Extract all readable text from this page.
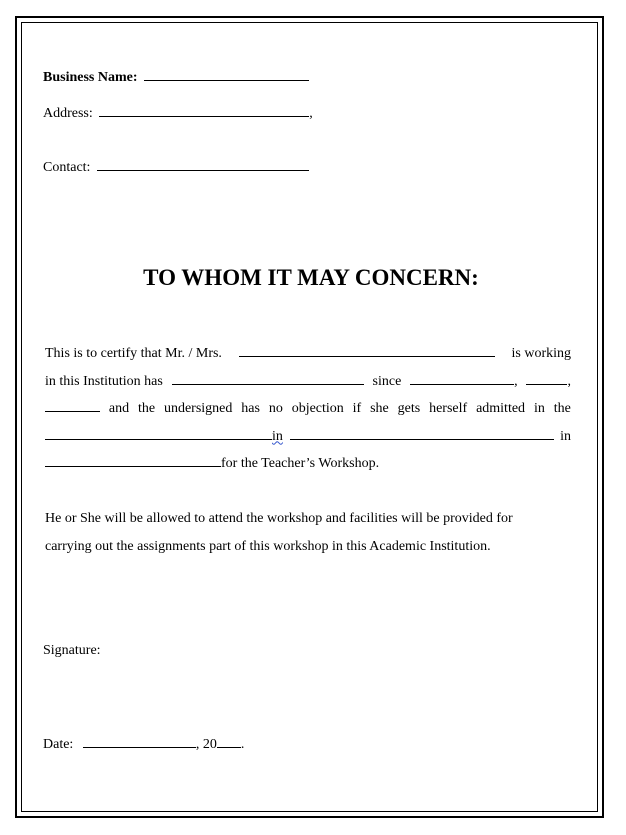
Business Name:
Address:	,
Contact:
TO WHOM IT MAY CONCERN:
This is to certify that Mr. / Mrs.	is working
in this Institution has	since	,	,
and the undersigned has no objection if she gets herself admitted in the
in	in
for the Teacher’s Workshop.
He or She will be allowed to attend the workshop and facilities will be provided for
carrying out the assignments part of this workshop in this Academic Institution.
Signature:
Date:	, 20 .
